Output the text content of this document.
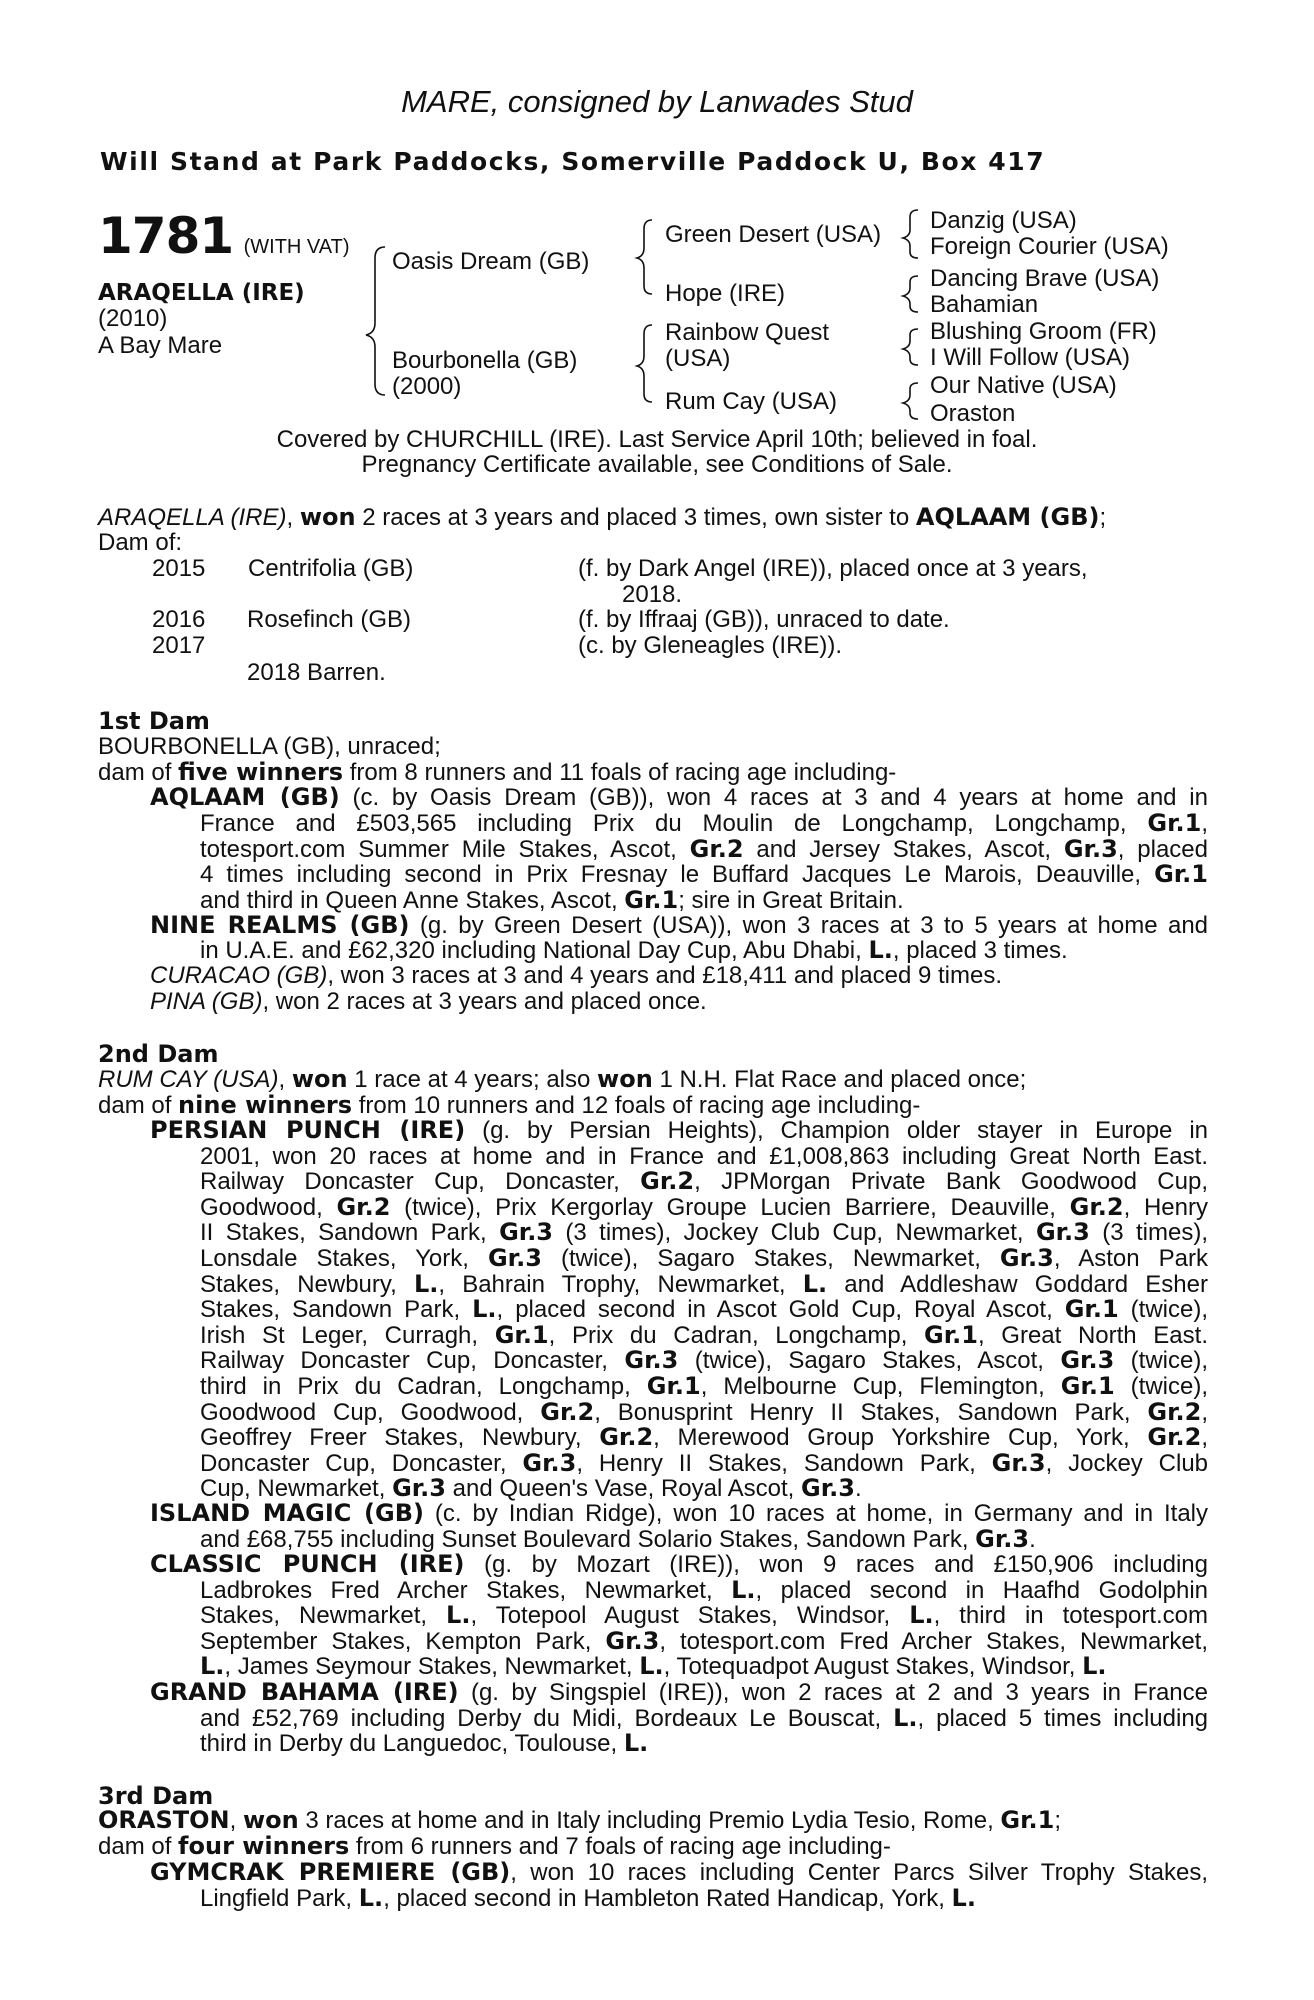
MARE, consigned by Lanwades Stud
Will Stand at Park Paddocks, Somerville Paddock U, Box 417
1781 (WITH VAT)
ARAQELLA (IRE)
(2010)
A Bay Mare
Oasis Dream (GB)
Bourbonella (GB)
(2000)
Green Desert (USA)
Hope (IRE)
Rainbow Quest
(USA)
Rum Cay (USA)
Danzig (USA)
Foreign Courier (USA)
Dancing Brave (USA)
Bahamian
Blushing Groom (FR)
I Will Follow (USA)
Our Native (USA)
Oraston
Covered by CHURCHILL (IRE). Last Service April 10th; believed in foal.
Pregnancy Certificate available, see Conditions of Sale.
ARAQELLA (IRE), won 2 races at 3 years and placed 3 times, own sister to AQLAAM (GB);
Dam of:
2015 Centrifolia (GB)	(f. by Dark Angel (IRE)), placed once at 3 years,
2018.
2016 Rosefinch (GB)	(f. by Iffraaj (GB)), unraced to date.
2017	(c. by Gleneagles (IRE)).
2018 Barren.
1st Dam
BOURBONELLA (GB), unraced;
dam of five winners from 8 runners and 11 foals of racing age including-
AQLAAM (GB) (c. by Oasis Dream (GB)), won 4 races at 3 and 4 years at home and in
France and £503,565 including Prix du Moulin de Longchamp, Longchamp, Gr.1,
totesport.com Summer Mile Stakes, Ascot, Gr.2 and Jersey Stakes, Ascot, Gr.3, placed
4 times including second in Prix Fresnay le Buffard Jacques Le Marois, Deauville, Gr.1
and third in Queen Anne Stakes, Ascot, Gr.1; sire in Great Britain.
NINE REALMS (GB) (g. by Green Desert (USA)), won 3 races at 3 to 5 years at home and
in U.A.E. and £62,320 including National Day Cup, Abu Dhabi, L., placed 3 times.
CURACAO (GB), won 3 races at 3 and 4 years and £18,411 and placed 9 times.
PINA (GB), won 2 races at 3 years and placed once.
2nd Dam
RUM CAY (USA), won 1 race at 4 years; also won 1 N.H. Flat Race and placed once;
dam of nine winners from 10 runners and 12 foals of racing age including-
PERSIAN PUNCH (IRE) (g. by Persian Heights), Champion older stayer in Europe in
2001, won 20 races at home and in France and £1,008,863 including Great North East.
Railway Doncaster Cup, Doncaster, Gr.2, JPMorgan Private Bank Goodwood Cup,
Goodwood, Gr.2 (twice), Prix Kergorlay Groupe Lucien Barriere, Deauville, Gr.2, Henry
II Stakes, Sandown Park, Gr.3 (3 times), Jockey Club Cup, Newmarket, Gr.3 (3 times),
Lonsdale Stakes, York, Gr.3 (twice), Sagaro Stakes, Newmarket, Gr.3, Aston Park
Stakes, Newbury, L., Bahrain Trophy, Newmarket, L. and Addleshaw Goddard Esher
Stakes, Sandown Park, L., placed second in Ascot Gold Cup, Royal Ascot, Gr.1 (twice),
Irish St Leger, Curragh, Gr.1, Prix du Cadran, Longchamp, Gr.1, Great North East.
Railway Doncaster Cup, Doncaster, Gr.3 (twice), Sagaro Stakes, Ascot, Gr.3 (twice),
third in Prix du Cadran, Longchamp, Gr.1, Melbourne Cup, Flemington, Gr.1 (twice),
Goodwood Cup, Goodwood, Gr.2, Bonusprint Henry II Stakes, Sandown Park, Gr.2,
Geoffrey Freer Stakes, Newbury, Gr.2, Merewood Group Yorkshire Cup, York, Gr.2,
Doncaster Cup, Doncaster, Gr.3, Henry II Stakes, Sandown Park, Gr.3, Jockey Club
Cup, Newmarket, Gr.3 and Queen's Vase, Royal Ascot, Gr.3.
ISLAND MAGIC (GB) (c. by Indian Ridge), won 10 races at home, in Germany and in Italy
and £68,755 including Sunset Boulevard Solario Stakes, Sandown Park, Gr.3.
CLASSIC PUNCH (IRE) (g. by Mozart (IRE)), won 9 races and £150,906 including
Ladbrokes Fred Archer Stakes, Newmarket, L., placed second in Haafhd Godolphin
Stakes, Newmarket, L., Totepool August Stakes, Windsor, L., third in totesport.com
September Stakes, Kempton Park, Gr.3, totesport.com Fred Archer Stakes, Newmarket,
L., James Seymour Stakes, Newmarket, L., Totequadpot August Stakes, Windsor, L.
GRAND BAHAMA (IRE) (g. by Singspiel (IRE)), won 2 races at 2 and 3 years in France
and £52,769 including Derby du Midi, Bordeaux Le Bouscat, L., placed 5 times including
third in Derby du Languedoc, Toulouse, L.
3rd Dam
ORASTON, won 3 races at home and in Italy including Premio Lydia Tesio, Rome, Gr.1;
dam of four winners from 6 runners and 7 foals of racing age including-
GYMCRAK PREMIERE (GB), won 10 races including Center Parcs Silver Trophy Stakes,
Lingfield Park, L., placed second in Hambleton Rated Handicap, York, L.
